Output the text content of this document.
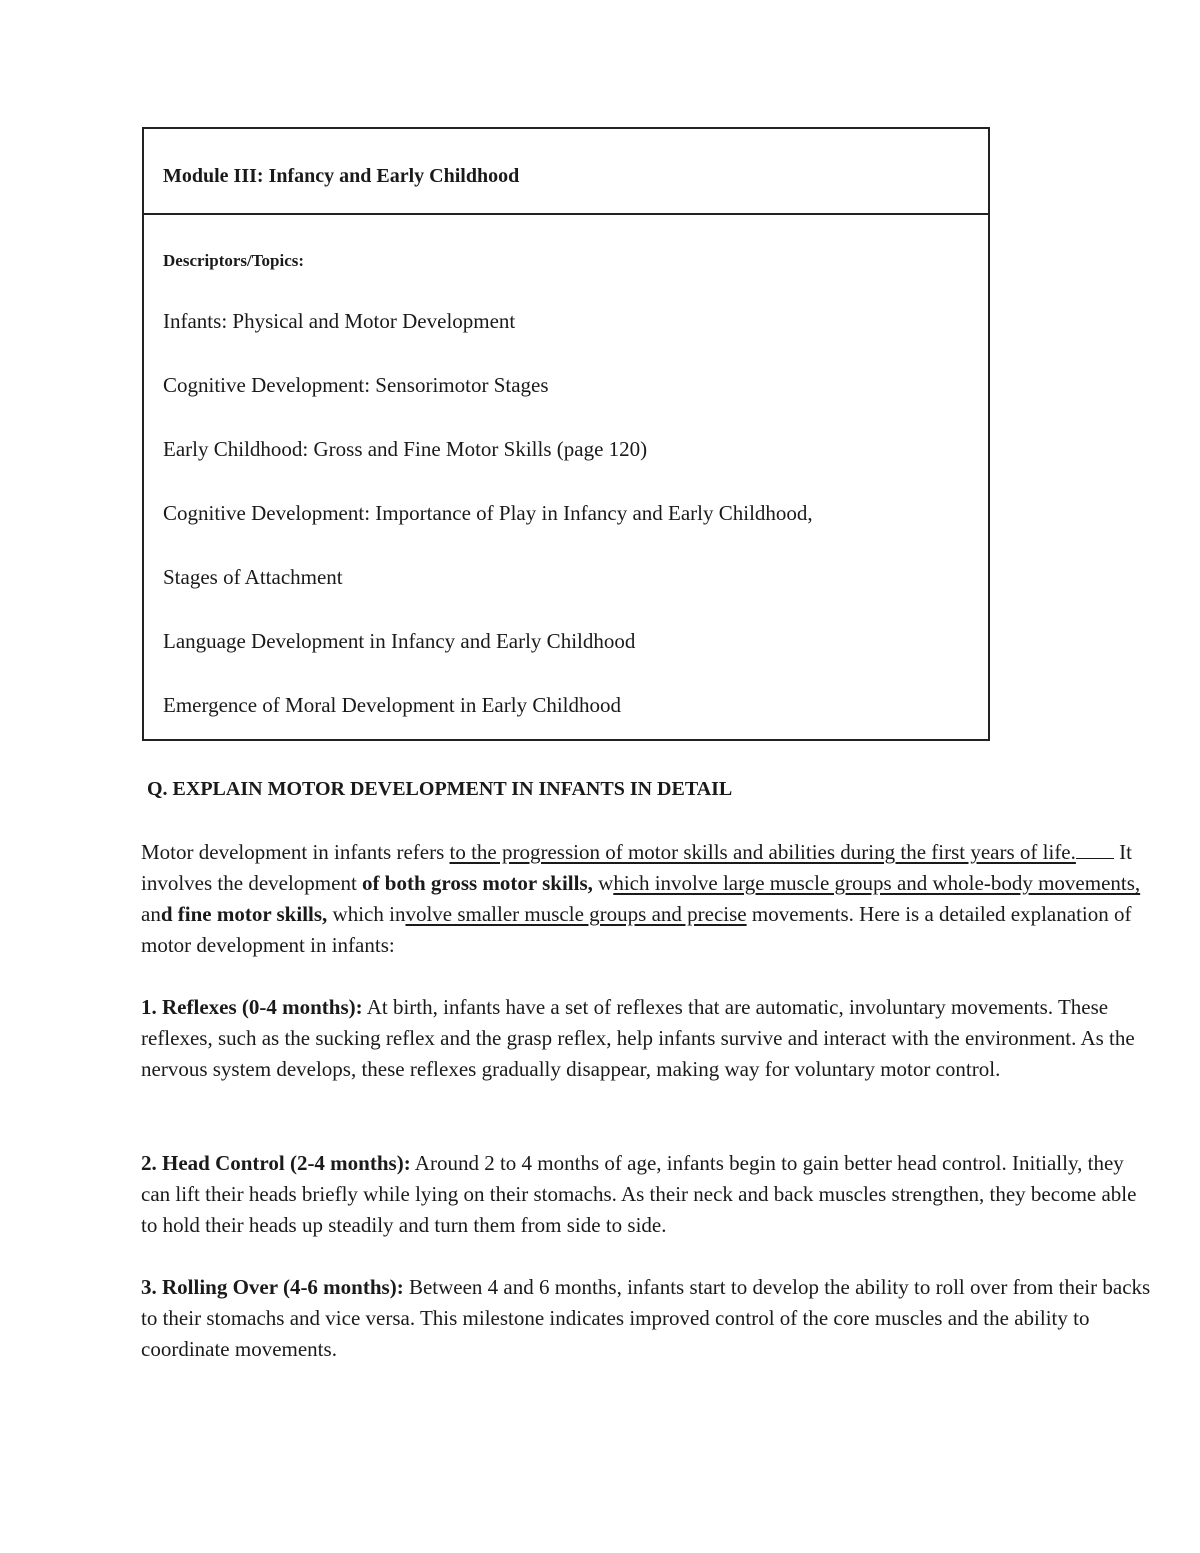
Module III: Infancy and Early Childhood

Descriptors/Topics:

Infants: Physical and Motor Development

Cognitive Development: Sensorimotor Stages

Early Childhood: Gross and Fine Motor Skills (page 120)

Cognitive Development: Importance of Play in Infancy and Early Childhood,

Stages of Attachment

Language Development in Infancy and Early Childhood

Emergence of Moral Development in Early Childhood

Q. EXPLAIN MOTOR DEVELOPMENT IN INFANTS IN DETAIL

Motor development in infants refers to the progression of motor skills and abilities during the first years of life. It involves the development of both gross motor skills, which involve large muscle groups and whole-body movements, and fine motor skills, which involve smaller muscle groups and precise movements. Here is a detailed explanation of motor development in infants:

1. Reflexes (0-4 months): At birth, infants have a set of reflexes that are automatic, involuntary movements. These reflexes, such as the sucking reflex and the grasp reflex, help infants survive and interact with the environment. As the nervous system develops, these reflexes gradually disappear, making way for voluntary motor control.

2. Head Control (2-4 months): Around 2 to 4 months of age, infants begin to gain better head control. Initially, they can lift their heads briefly while lying on their stomachs. As their neck and back muscles strengthen, they become able to hold their heads up steadily and turn them from side to side.

3. Rolling Over (4-6 months): Between 4 and 6 months, infants start to develop the ability to roll over from their backs to their stomachs and vice versa. This milestone indicates improved control of the core muscles and the ability to coordinate movements.
